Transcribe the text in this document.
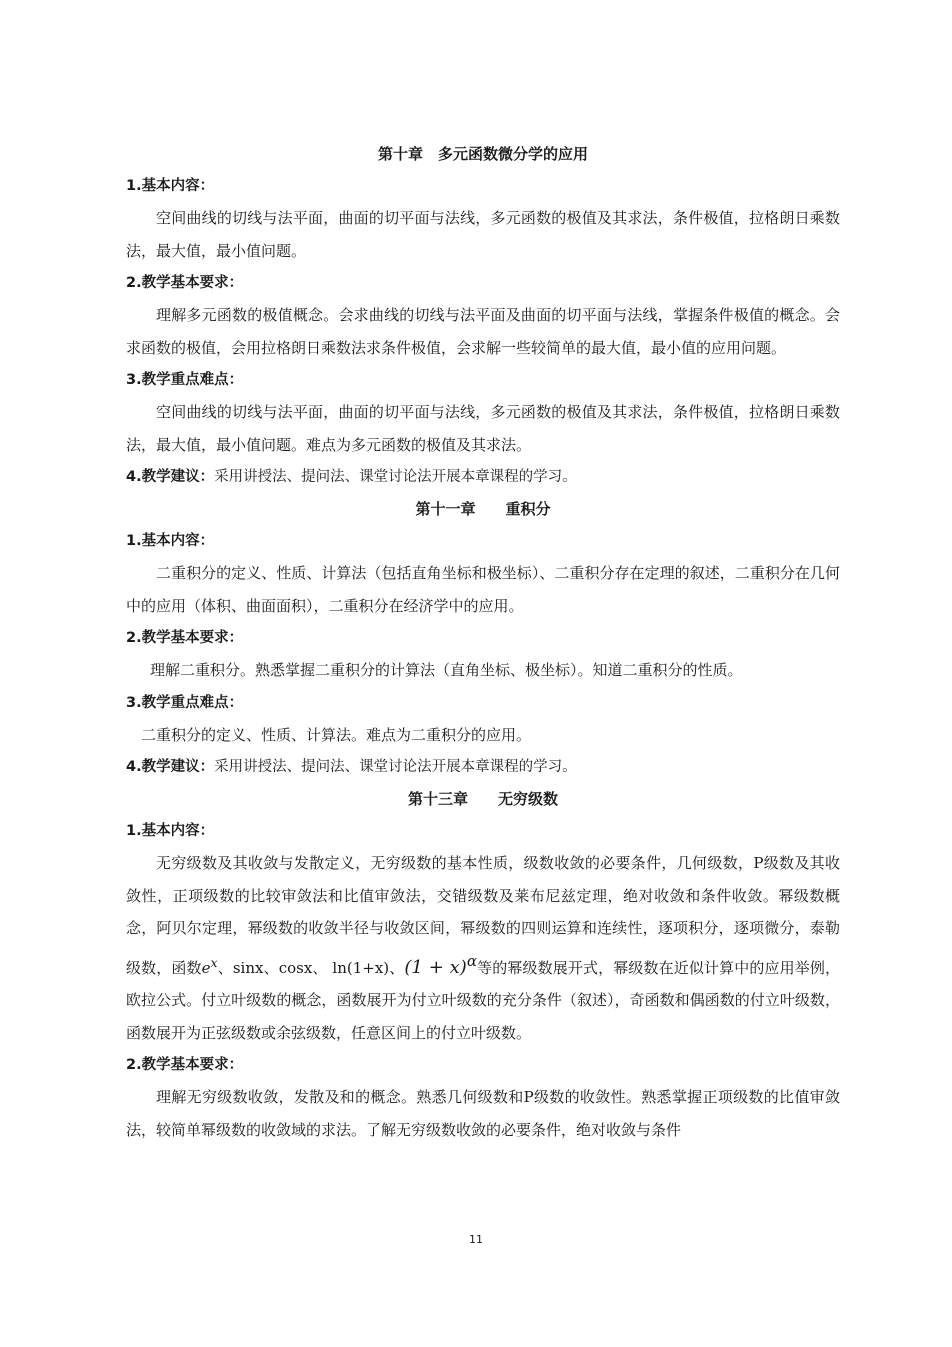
第十章　多元函数微分学的应用
1.基本内容：

空间曲线的切线与法平面，曲面的切平面与法线，多元函数的极值及其求法，条件极值，拉格朗日乘数法，最大值，最小值问题。

2.教学基本要求：

理解多元函数的极值概念。会求曲线的切线与法平面及曲面的切平面与法线，掌握条件极值的概念。会求函数的极值，会用拉格朗日乘数法求条件极值，会求解一些较简单的最大值，最小值的应用问题。

3.教学重点难点：

空间曲线的切线与法平面，曲面的切平面与法线，多元函数的极值及其求法，条件极值，拉格朗日乘数法，最大值，最小值问题。难点为多元函数的极值及其求法。

4.教学建议：采用讲授法、提问法、课堂讨论法开展本章课程的学习。
第十一章　　重积分
1.基本内容：

二重积分的定义、性质、计算法（包括直角坐标和极坐标）、二重积分存在定理的叙述，二重积分在几何中的应用（体积、曲面面积），二重积分在经济学中的应用。

2.教学基本要求：

理解二重积分。熟悉掌握二重积分的计算法（直角坐标、极坐标）。知道二重积分的性质。

3.教学重点难点：

二重积分的定义、性质、计算法。难点为二重积分的应用。

4.教学建议：采用讲授法、提问法、课堂讨论法开展本章课程的学习。
第十三章　　无穷级数
1.基本内容：

无穷级数及其收敛与发散定义，无穷级数的基本性质，级数收敛的必要条件，几何级数，P级数及其收敛性，正项级数的比较审敛法和比值审敛法，交错级数及莱布尼兹定理，绝对收敛和条件收敛。幂级数概念，阿贝尔定理，幂级数的收敛半径与收敛区间，幂级数的四则运算和连续性，逐项积分，逐项微分，泰勒级数，函数$e^x$、sinx、cosx、 ln(1+x)、$(1 + x)^\alpha$等的幂级数展开式，幂级数在近似计算中的应用举例，欧拉公式。付立叶级数的概念，函数展开为付立叶级数的充分条件（叙述），奇函数和偶函数的付立叶级数，函数展开为正弦级数或余弦级数，任意区间上的付立叶级数。

2.教学基本要求：

理解无穷级数收敛，发散及和的概念。熟悉几何级数和P级数的收敛性。熟悉掌握正项级数的比值审敛法，较简单幂级数的收敛域的求法。了解无穷级数收敛的必要条件，绝对收敛与条件

11
